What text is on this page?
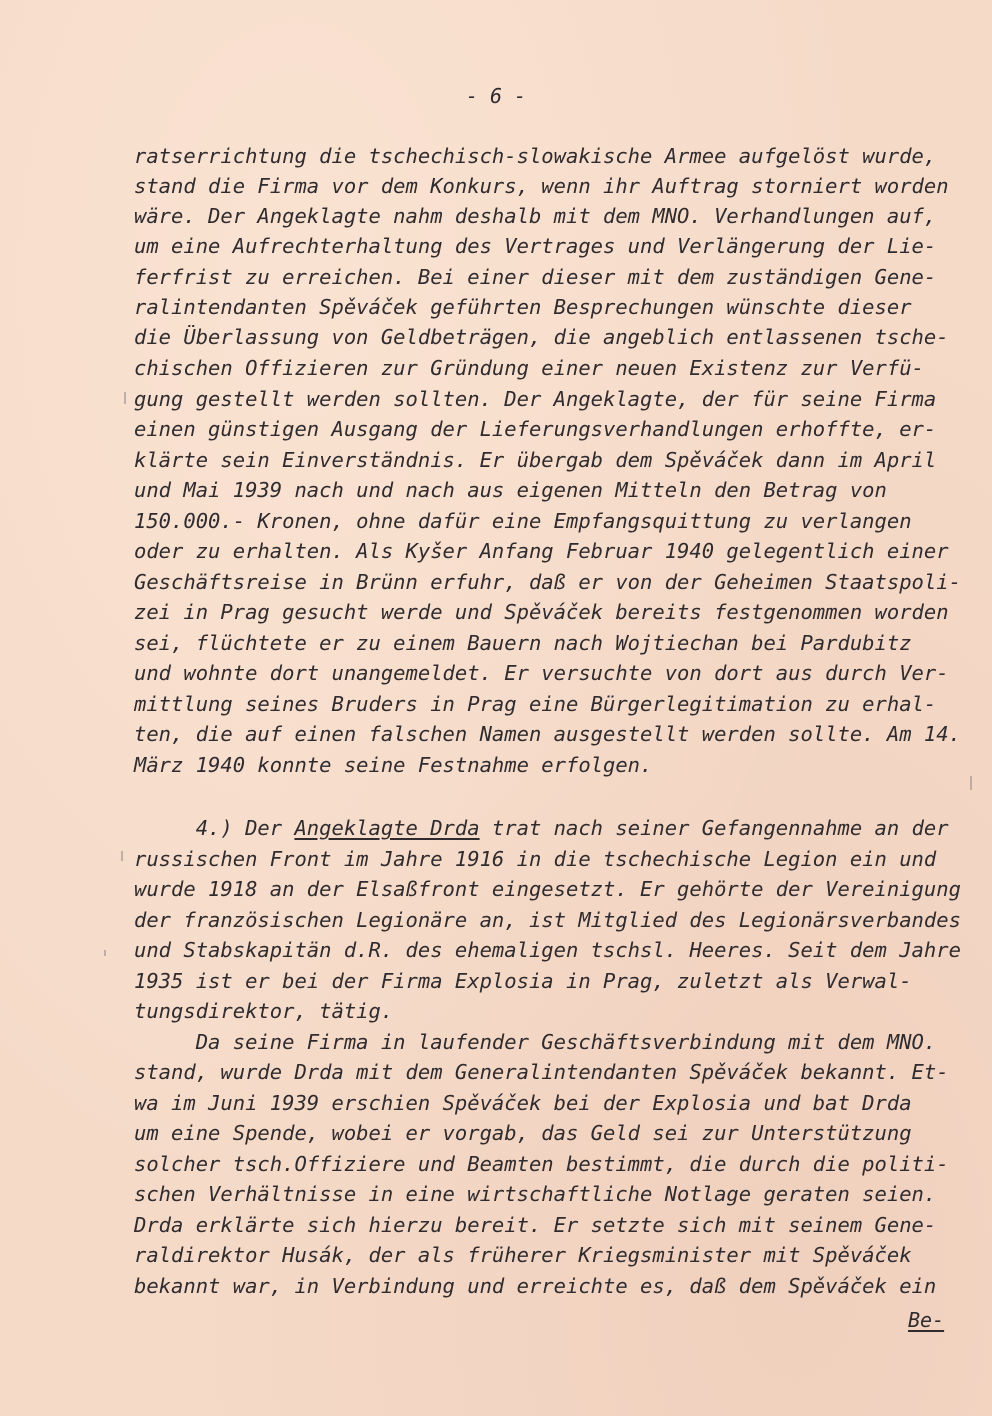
- 6 -
ratserrichtung die tschechisch-slowakische Armee aufgelöst wurde,
stand die Firma vor dem Konkurs, wenn ihr Auftrag storniert worden
wäre. Der Angeklagte nahm deshalb mit dem MNO. Verhandlungen auf,
um eine Aufrechterhaltung des Vertrages und Verlängerung der Lie-
ferfrist zu erreichen. Bei einer dieser mit dem zuständigen Gene-
ralintendanten Spěváček geführten Besprechungen wünschte dieser
die Überlassung von Geldbeträgen, die angeblich entlassenen tsche-
chischen Offizieren zur Gründung einer neuen Existenz zur Verfü-
gung gestellt werden sollten. Der Angeklagte, der für seine Firma
einen günstigen Ausgang der Lieferungsverhandlungen erhoffte, er-
klärte sein Einverständnis. Er übergab dem Spěváček dann im April
und Mai 1939 nach und nach aus eigenen Mitteln den Betrag von
150.000.- Kronen, ohne dafür eine Empfangsquittung zu verlangen
oder zu erhalten. Als Kyšer Anfang Februar 1940 gelegentlich einer
Geschäftsreise in Brünn erfuhr, daß er von der Geheimen Staatspoli-
zei in Prag gesucht werde und Spěváček bereits festgenommen worden
sei, flüchtete er zu einem Bauern nach Wojtiechan bei Pardubitz
und wohnte dort unangemeldet. Er versuchte von dort aus durch Ver-
mittlung seines Bruders in Prag eine Bürgerlegitimation zu erhal-
ten, die auf einen falschen Namen ausgestellt werden sollte. Am 14.
März 1940 konnte seine Festnahme erfolgen.
4.) Der Angeklagte Drda trat nach seiner Gefangennahme an der
russischen Front im Jahre 1916 in die tschechische Legion ein und
wurde 1918 an der Elsaßfront eingesetzt. Er gehörte der Vereinigung
der französischen Legionäre an, ist Mitglied des Legionärsverbandes
und Stabskapitän d.R. des ehemaligen tschsl. Heeres. Seit dem Jahre
1935 ist er bei der Firma Explosia in Prag, zuletzt als Verwal-
tungsdirektor, tätig.
Da seine Firma in laufender Geschäftsverbindung mit dem MNO.
stand, wurde Drda mit dem Generalintendanten Spěváček bekannt. Et-
wa im Juni 1939 erschien Spěváček bei der Explosia und bat Drda
um eine Spende, wobei er vorgab, das Geld sei zur Unterstützung
solcher tsch.Offiziere und Beamten bestimmt, die durch die politi-
schen Verhältnisse in eine wirtschaftliche Notlage geraten seien.
Drda erklärte sich hierzu bereit. Er setzte sich mit seinem Gene-
raldirektor Husák, der als früherer Kriegsminister mit Spěváček
bekannt war, in Verbindung und erreichte es, daß dem Spěváček ein
Be-
